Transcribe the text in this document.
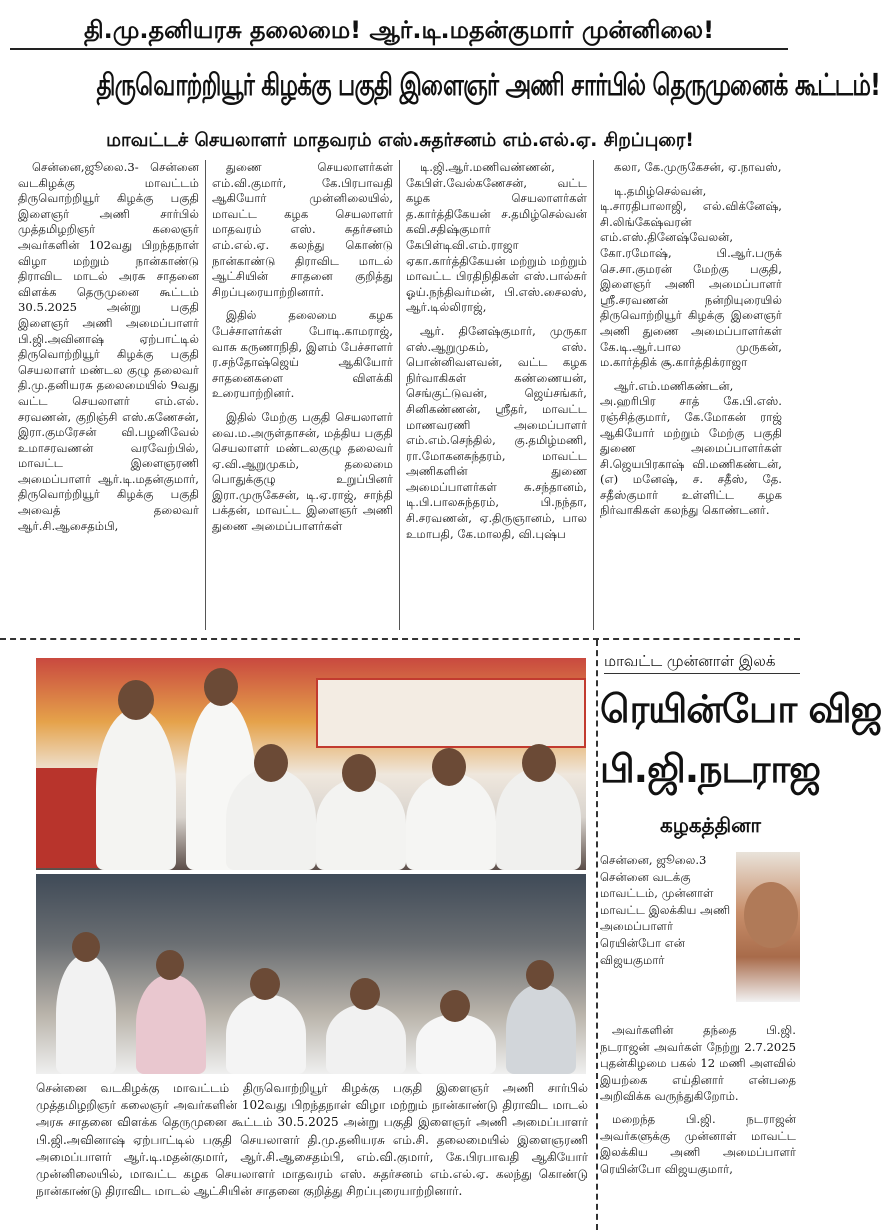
தி.மு.தனியரசு தலைமை! ஆர்.டி.மதன்குமார் முன்னிலை!
திருவொற்றியூர் கிழக்கு பகுதி இளைஞர் அணி சார்பில் தெருமுனைக் கூட்டம்!
மாவட்டச் செயலாளர் மாதவரம் எஸ்.சுதர்சனம் எம்.எல்.ஏ. சிறப்புரை!

சென்னை,ஜூலை.3- சென்னை வடகிழக்கு மாவட்டம் திருவொற்றியூர் கிழக்கு பகுதி இளைஞர் அணி சார்பில் முத்தமிழறிஞர் கலைஞர் அவர்களின் 102வது பிறந்தநாள் விழா மற்றும் நான்காண்டு திராவிட மாடல் அரசு சாதனை விளக்க தெருமுனை கூட்டம் 30.5.2025 அன்று பகுதி இளைஞர் அணி அமைப்பாளர் பி.ஜி.அவினாஷ் ஏற்பாட்டில் திருவொற்றியூர் கிழக்கு பகுதி செயலாளர் மண்டல குழு தலைவர் தி.மு.தனியரசு தலைமையில் 9வது வட்ட செயலாளர் எம்.எல். சரவணன், குறிஞ்சி எஸ்.கணேசன், இரா.குமரேசன் வி.பழனிவேல் உமாசரவணன் வரவேற்பில், மாவட்ட இளைஞரணி அமைப்பாளர் ஆர்.டி.மதன்குமார், திருவொற்றியூர் கிழக்கு பகுதி அவைத் தலைவர் ஆர்.சி.ஆசைதம்பி,

துணை செயலாளர்கள் எம்.வி.குமார், கே.பிரபாவதி ஆகியோர் முன்னிலையில், மாவட்ட கழக செயலாளர் மாதவரம் எஸ். சுதர்சனம் எம்.எல்.ஏ. கலந்து கொண்டு நான்காண்டு திராவிட மாடல் ஆட்சியின் சாதனை குறித்து சிறப்புரையாற்றினார்.

இதில் தலைமை கழக பேச்சாளர்கள் போடி.காமராஜ், வாசு கருணாநிதி, இளம் பேச்சாளர் ர.சந்தோஷ்ஜெய் ஆகியோர் சாதனைகளை விளக்கி உரையாற்றினர்.

இதில் மேற்கு பகுதி செயலாளர் வை.ம.அருள்தாசன், மத்திய பகுதி செயலாளர் மண்டலகுழு தலைவர் ஏ.வி.ஆறுமுகம், தலைமை பொதுக்குழு உறுப்பினர் இரா.முருகேசன், டி.ஏ.ராஜ், சாந்தி பக்தன், மாவட்ட இளைஞர் அணி துணை அமைப்பாளர்கள்

டி.ஜி.ஆர்.மணிவண்ணன், கேபிள்.வேல்கணேசன், வட்ட கழக செயலாளர்கள் த.கார்த்திகேயன் ச.தமிழ்செல்வன் கவி.சதிஷ்குமார் கேபிள்டிவி.எம்.ராஜா ஏகா.கார்த்திகேயன் மற்றும் மற்றும் மாவட்ட பிரதிநிதிகள் எஸ்.பால்சுர் ஓய்.நந்திவர்மன், பி.எஸ்.சைலஸ், ஆர்.டில்லிராஜ்,

ஆர். தினேஷ்குமார், முருகா எஸ்.ஆறுமுகம், எஸ். பொன்னிவளவன், வட்ட கழக நிர்வாகிகள் கண்ணையன், செங்குட்டுவன், ஜெய்சங்கர், சினிகண்ணன், ஸ்ரீதர், மாவட்ட மாணவரணி அமைப்பாளர் எம்.எம்.செந்தில், கு.தமிழ்மணி, ரா.மோகனசுந்தரம், மாவட்ட அணிகளின் துணை அமைப்பாளர்கள் சு.சந்தானம், டி.பி.பாலசுந்தரம், பி.நந்தா, சி.சரவணன், ஏ.திருஞானம், பால உமாபதி, கே.மாலதி, வி.புஷ்ப

கலா, கே.முருகேசன், ஏ.நாவஸ்,

டி.தமிழ்செல்வன், டி.சாரதிபாலாஜி, எல்.விக்னேஷ், சி.லிங்கேஷ்வரன் எம்.எஸ்.தினேஷ்வேலன், கோ.ரமோஷ், பி.ஆர்.பருக் செ.சா.குமரன் மேற்கு பகுதி, இளைஞர் அணி அமைப்பாளர் ஸ்ரீ.சரவணன் நன்றியுரையில் திருவொற்றியூர் கிழக்கு இளைஞர் அணி துணை அமைப்பாளர்கள் கே.டி.ஆர்.பால முருகன், ம.கார்த்திக் சூ.கார்த்திக்ராஜா

ஆர்.எம்.மணிகண்டன், அ.ஹரிபிர சாத் கே.பி.எஸ். ரஞ்சித்குமார், கே.மோகன் ராஜ் ஆகியோர் மற்றும் மேற்கு பகுதி துணை அமைப்பாளர்கள் சி.ஜெயபிரகாஷ் வி.மணிகண்டன், (எ) மனேஷ், ச. சதீஸ், தே. சதீஸ்குமார் உள்ளிட்ட கழக நிர்வாகிகள் கலந்து கொண்டனர்.

சென்னை வடகிழக்கு மாவட்டம் திருவொற்றியூர் கிழக்கு பகுதி இளைஞர் அணி சார்பில் முத்தமிழறிஞர் கலைஞர் அவர்களின் 102வது பிறந்தநாள் விழா மற்றும் நான்காண்டு திராவிட மாடல் அரசு சாதனை விளக்க தெருமுனை கூட்டம் 30.5.2025 அன்று பகுதி இளைஞர் அணி அமைப்பாளர் பி.ஜி.அவினாஷ் ஏற்பாட்டில் பகுதி செயலாளர் தி.மு.தனியரசு எம்.சி. தலைமையில் இளைஞரணி அமைப்பாளர் ஆர்.டி.மதன்குமார், ஆர்.சி.ஆசைதம்பி, எம்.வி.குமார், கே.பிரபாவதி ஆகியோர் முன்னிலையில், மாவட்ட கழக செயலாளர் மாதவரம் எஸ். சுதர்சனம் எம்.எல்.ஏ. கலந்து கொண்டு நான்காண்டு திராவிட மாடல் ஆட்சியின் சாதனை குறித்து சிறப்புரையாற்றினார்.
மாவட்ட முன்னாள் இலக்
ரெயின்போ விஜ
பி.ஜி.நடராஜ
கழகத்தினா
சென்னை, ஜூலை.3 சென்னை வடக்கு மாவட்டம், முன்னாள் மாவட்ட இலக்கிய அணி அமைப்பாளர் ரெயின்போ என் விஜயகுமார்

அவர்களின் தந்தை பி.ஜி. நடராஜன் அவர்கள் நேற்று 2.7.2025 புதன்கிழமை பகல் 12 மணி அளவில் இயற்கை எய்தினார் என்பதை அறிவிக்க வருந்துகிறோம்.

மறைந்த பி.ஜி. நடராஜன் அவர்களுக்கு முன்னாள் மாவட்ட இலக்கிய அணி அமைப்பாளர் ரெயின்போ விஜயகுமார்,
